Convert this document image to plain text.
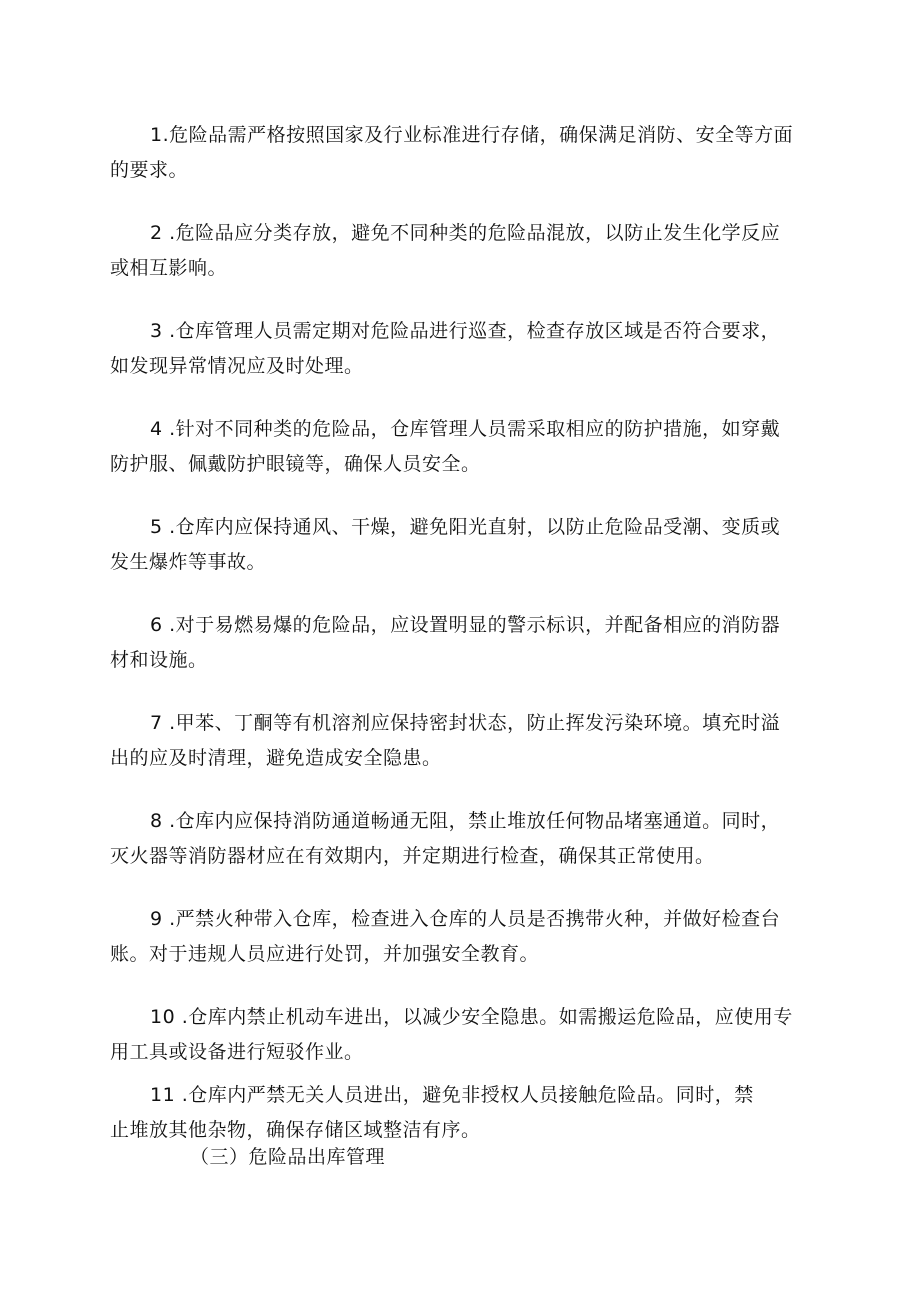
1.危险品需严格按照国家及行业标准进行存储，确保满足消防、安全等方面
的要求。
2 .危险品应分类存放，避免不同种类的危险品混放，以防止发生化学反应
或相互影响。
3 .仓库管理人员需定期对危险品进行巡查，检查存放区域是否符合要求，
如发现异常情况应及时处理。
4 .针对不同种类的危险品，仓库管理人员需采取相应的防护措施，如穿戴
防护服、佩戴防护眼镜等，确保人员安全。
5 .仓库内应保持通风、干燥，避免阳光直射，以防止危险品受潮、变质或
发生爆炸等事故。
6 .对于易燃易爆的危险品，应设置明显的警示标识，并配备相应的消防器
材和设施。
7 .甲苯、丁酮等有机溶剂应保持密封状态，防止挥发污染环境。填充时溢
出的应及时清理，避免造成安全隐患。
8 .仓库内应保持消防通道畅通无阻，禁止堆放任何物品堵塞通道。同时，
灭火器等消防器材应在有效期内，并定期进行检查，确保其正常使用。
9 .严禁火种带入仓库，检查进入仓库的人员是否携带火种，并做好检查台
账。对于违规人员应进行处罚，并加强安全教育。
10 .仓库内禁止机动车进出，以减少安全隐患。如需搬运危险品，应使用专
用工具或设备进行短驳作业。
11 .仓库内严禁无关人员进出，避免非授权人员接触危险品。同时，禁
止堆放其他杂物，确保存储区域整洁有序。
（三）危险品出库管理
